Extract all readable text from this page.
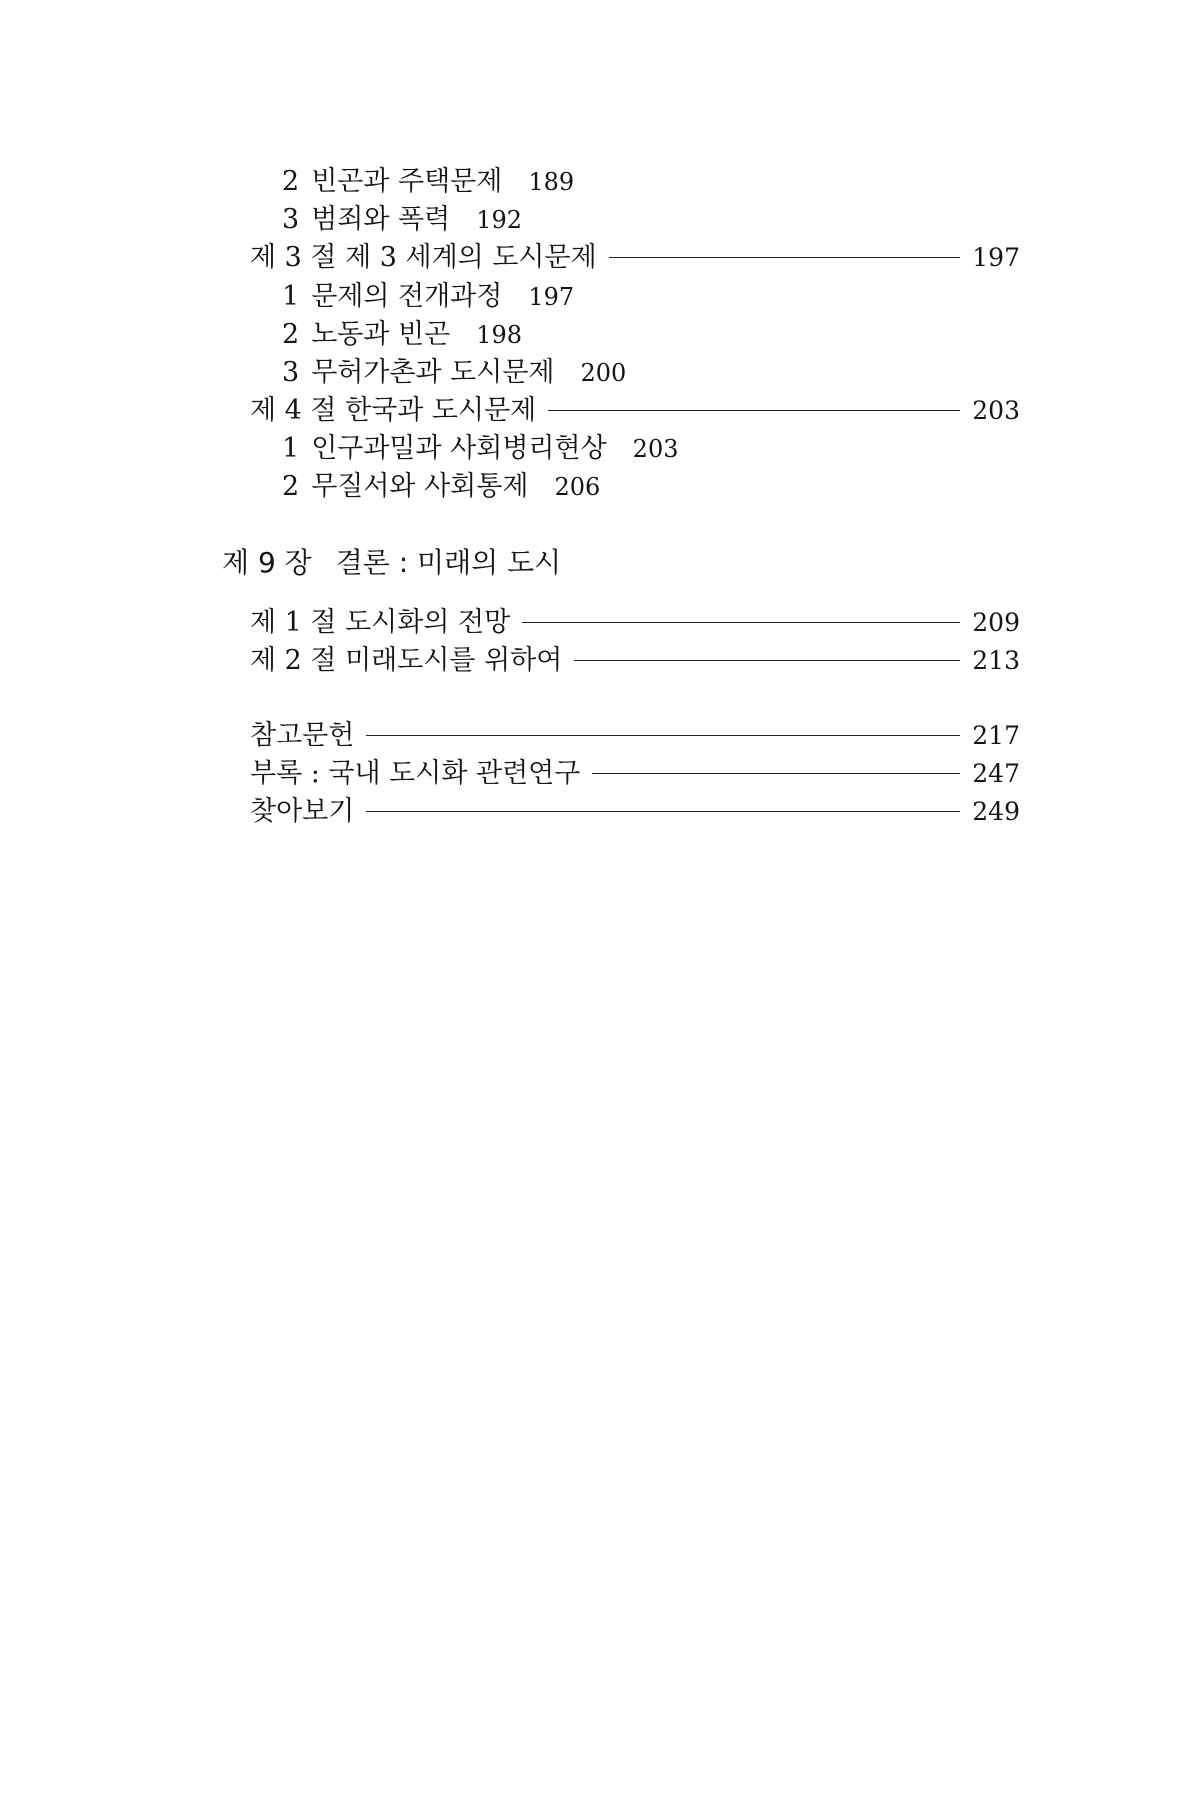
2 빈곤과 주택문제 189
3 범죄와 폭력 192
제 3 절 제 3 세계의 도시문제	197
1 문제의 전개과정 197
2 노동과 빈곤 198
3 무허가촌과 도시문제 200
제 4 절 한국과 도시문제	203
1 인구과밀과 사회병리현상 203
2 무질서와 사회통제 206
제 9 장 결론 : 미래의 도시
제 1 절 도시화의 전망	209
제 2 절 미래도시를 위하여	213
참고문헌	217
부록 : 국내 도시화 관련연구	247
찾아보기	249
